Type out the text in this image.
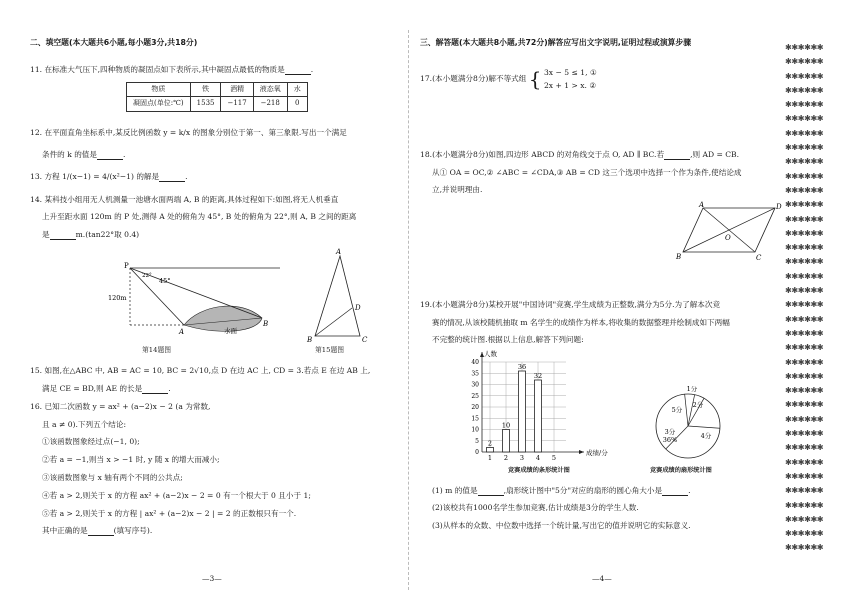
二、填空题(本大题共6小题,每小题3分,共18分)
11. 在标准大气压下,四种物质的凝固点如下表所示,其中凝固点最低的物质是	.
物质	铁	酒精	液态氧	水
凝固点(单位:℃)	1535	−117	−218	0
12. 在平面直角坐标系中,某反比例函数 y = k/x 的图象分别位于第一、第三象限.写出一个满足
条件的 k 的值是	.
13. 方程 1/(x−1) = 4/(x²−1) 的解是	.
14. 某科技小组用无人机测量一池塘水面两端 A, B 的距离,具体过程如下:如图,将无人机垂直
上升至距水面 120m 的 P 处,测得 A 处的俯角为 45°, B 处的俯角为 22°,则 A, B 之间的距离
是	m.(tan22°取 0.4)
P
22°
45°
120m
A
B
水面
第14题图
A
B	C
D
第15题图
15. 如图,在△ABC 中, AB = AC = 10, BC = 2√10,点 D 在边 AC 上, CD = 3.若点 E 在边 AB 上,
满足 CE = BD,则 AE 的长是	.
16. 已知二次函数 y = ax² + (a−2)x − 2 (a 为常数,
且 a ≠ 0).下列五个结论:
①该函数图象经过点(−1, 0);
②若 a = −1,则当 x > −1 时, y 随 x 的增大而减小;
③该函数图象与 x 轴有两个不同的公共点;
④若 a > 2,则关于 x 的方程 ax² + (a−2)x − 2 = 0 有一个根大于 0 且小于 1;
⑤若 a > 2,则关于 x 的方程 | ax² + (a−2)x − 2 | = 2 的正数根只有一个.
其中正确的是	(填写序号).
—3—
三、解答题(本大题共8小题,共72分)解答应写出文字说明,证明过程或演算步骤
17.(本小题满分8分)解不等式组 { 3x − 5 ≤ 1, ①
2x + 1 > x. ②
18.(本小题满分8分)如图,四边形 ABCD 的对角线交于点 O, AD ∥ BC.若	,则 AD = CB.
从① OA = OC,② ∠ABC = ∠CDA,③ AB = CD 这三个选项中选择一个作为条件,使结论成
立,并说明理由.
A	D
B	C
O
19.(本小题满分8分)某校开展"中国诗词"竞赛,学生成绩为正整数,满分为5分.为了解本次竞
赛的情况,从该校随机抽取 m 名学生的成绩作为样本,将收集的数据整理并绘制成如下两幅
不完整的统计图.根据以上信息,解答下列问题:
0
5
10
15
20
25
30
35
40
2
1
10
2
36
3
32
4 5
人数
成绩/分
竞赛成绩的条形统计图
1分
2分
5分
4分
3分
36%
竞赛成绩的扇形统计图
(1) m 的值是	,扇形统计图中"5分"对应的扇形的圆心角大小是	.
(2)该校共有1000名学生参加竞赛,估计成绩是3分的学生人数.
(3)从样本的众数、中位数中选择一个统计量,写出它的值并说明它的实际意义.
—4—
✱✱✱✱✱✱
✱✱✱✱✱✱
✱✱✱✱✱✱
✱✱✱✱✱✱
✱✱✱✱✱✱
✱✱✱✱✱✱
✱✱✱✱✱✱
✱✱✱✱✱✱
✱✱✱✱✱✱
✱✱✱✱✱✱
✱✱✱✱✱✱
✱✱✱✱✱✱
✱✱✱✱✱✱
✱✱✱✱✱✱
✱✱✱✱✱✱
✱✱✱✱✱✱
✱✱✱✱✱✱
✱✱✱✱✱✱
✱✱✱✱✱✱
✱✱✱✱✱✱
✱✱✱✱✱✱
✱✱✱✱✱✱
✱✱✱✱✱✱
✱✱✱✱✱✱
✱✱✱✱✱✱
✱✱✱✱✱✱
✱✱✱✱✱✱
✱✱✱✱✱✱
✱✱✱✱✱✱
✱✱✱✱✱✱
✱✱✱✱✱✱
✱✱✱✱✱✱
✱✱✱✱✱✱
✱✱✱✱✱✱
✱✱✱✱✱✱
✱✱✱✱✱✱
